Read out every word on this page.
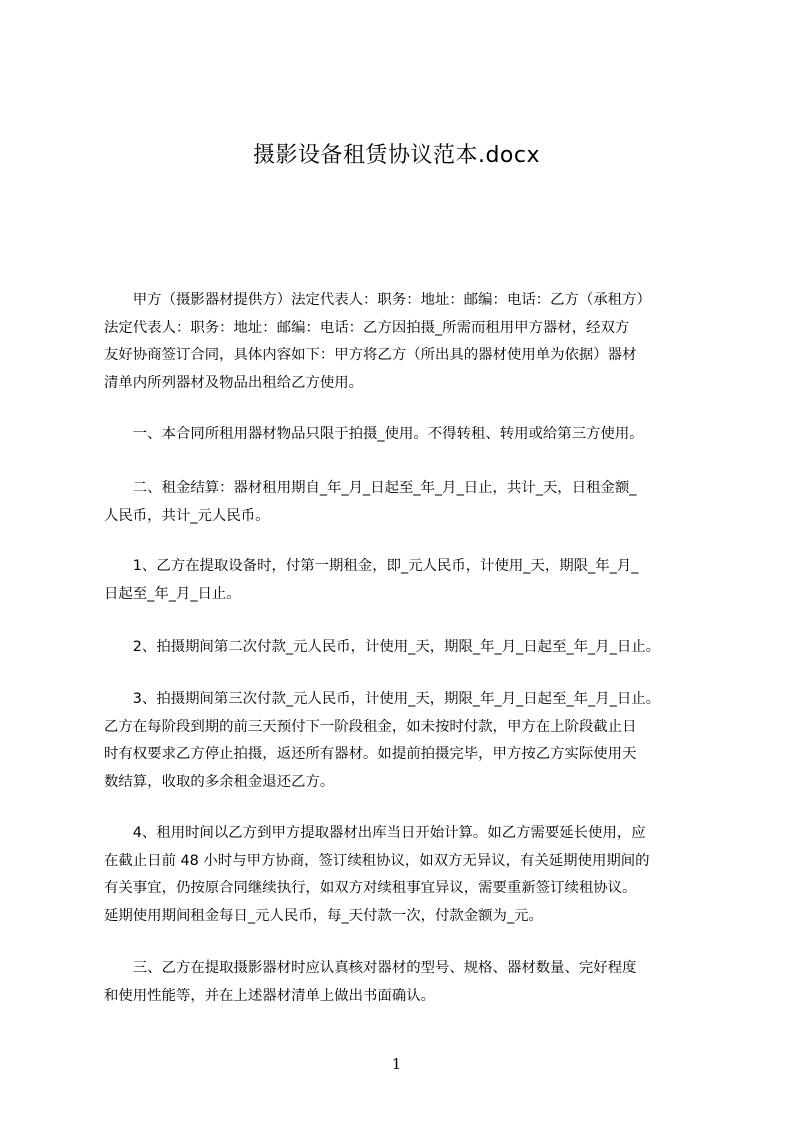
摄影设备租赁协议范本.docx
　　甲方（摄影器材提供方）法定代表人：职务：地址：邮编：电话：乙方（承租方）
法定代表人：职务：地址：邮编：电话：乙方因拍摄_所需而租用甲方器材，经双方
友好协商签订合同，具体内容如下：甲方将乙方（所出具的器材使用单为依据）器材
清单内所列器材及物品出租给乙方使用。
　　一、本合同所租用器材物品只限于拍摄_使用。不得转租、转用或给第三方使用。
　　二、租金结算：器材租用期自_年_月_日起至_年_月_日止，共计_天，日租金额_
人民币，共计_元人民币。
　　1、乙方在提取设备时，付第一期租金，即_元人民币，计使用_天，期限_年_月_
日起至_年_月_日止。
　　2、拍摄期间第二次付款_元人民币，计使用_天，期限_年_月_日起至_年_月_日止。
　　3、拍摄期间第三次付款_元人民币，计使用_天，期限_年_月_日起至_年_月_日止。
乙方在每阶段到期的前三天预付下一阶段租金，如未按时付款，甲方在上阶段截止日
时有权要求乙方停止拍摄，返还所有器材。如提前拍摄完毕，甲方按乙方实际使用天
数结算，收取的多余租金退还乙方。
　　4、租用时间以乙方到甲方提取器材出库当日开始计算。如乙方需要延长使用，应
在截止日前 48 小时与甲方协商，签订续租协议，如双方无异议，有关延期使用期间的
有关事宜，仍按原合同继续执行，如双方对续租事宜异议，需要重新签订续租协议。
延期使用期间租金每日_元人民币，每_天付款一次，付款金额为_元。
　　三、乙方在提取摄影器材时应认真核对器材的型号、规格、器材数量、完好程度
和使用性能等，并在上述器材清单上做出书面确认。
1
